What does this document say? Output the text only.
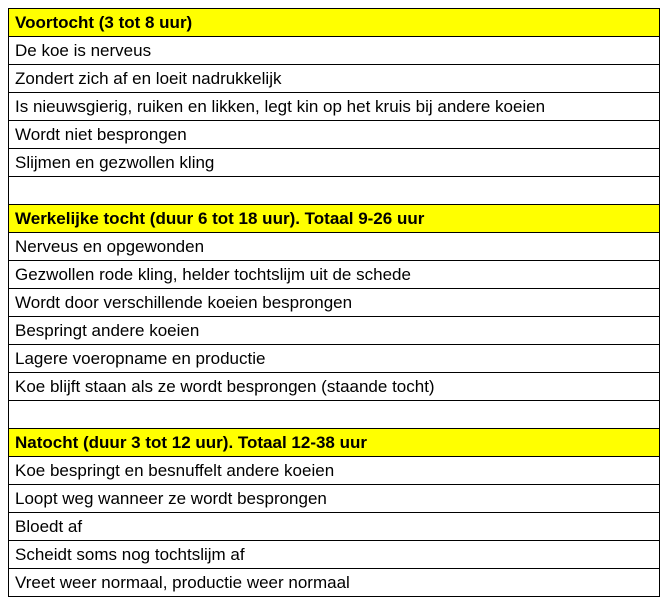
Voortocht (3 tot 8 uur)
De koe is nerveus
Zondert zich af en loeit nadrukkelijk
Is nieuwsgierig, ruiken en likken, legt kin op het kruis bij andere koeien
Wordt niet besprongen
Slijmen en gezwollen kling

Werkelijke tocht (duur 6 tot 18 uur). Totaal 9-26 uur
Nerveus en opgewonden
Gezwollen rode kling, helder tochtslijm uit de schede
Wordt door verschillende koeien besprongen
Bespringt andere koeien
Lagere voeropname en productie
Koe blijft staan als ze wordt besprongen (staande tocht)

Natocht (duur 3 tot 12 uur). Totaal 12-38 uur
Koe bespringt en besnuffelt andere koeien
Loopt weg wanneer ze wordt besprongen
Bloedt af
Scheidt soms nog tochtslijm af
Vreet weer normaal, productie weer normaal
